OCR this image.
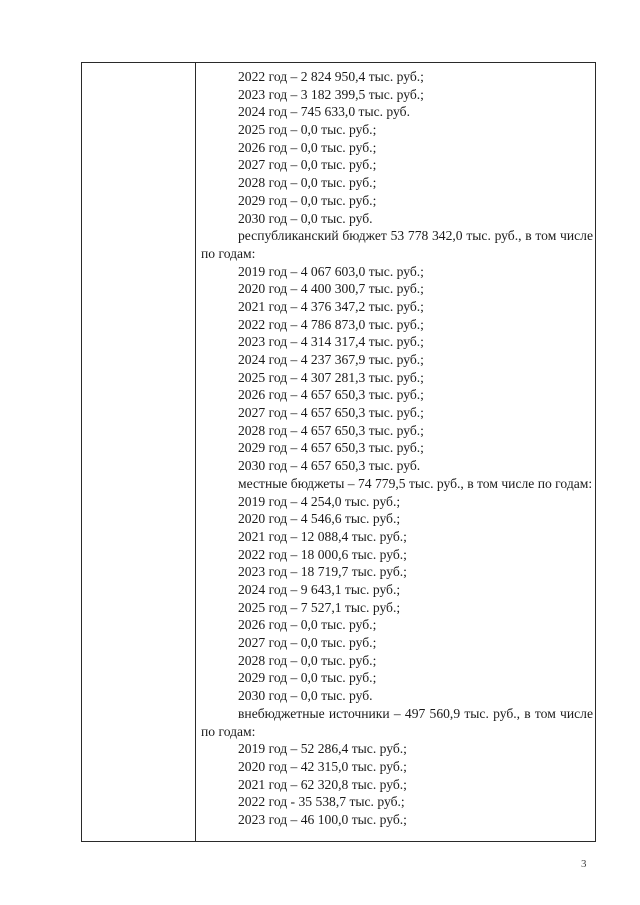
2022 год – 2 824 950,4 тыс. руб.;
2023 год – 3 182 399,5 тыс. руб.;
2024 год – 745 633,0 тыс. руб.
2025 год – 0,0 тыс. руб.;
2026 год – 0,0 тыс. руб.;
2027 год – 0,0 тыс. руб.;
2028 год – 0,0 тыс. руб.;
2029 год – 0,0 тыс. руб.;
2030 год – 0,0 тыс. руб.
республиканский бюджет 53 778 342,0 тыс. руб., в том числе по годам:
2019 год – 4 067 603,0 тыс. руб.;
2020 год – 4 400 300,7 тыс. руб.;
2021 год – 4 376 347,2 тыс. руб.;
2022 год – 4 786 873,0 тыс. руб.;
2023 год – 4 314 317,4 тыс. руб.;
2024 год – 4 237 367,9 тыс. руб.;
2025 год – 4 307 281,3 тыс. руб.;
2026 год – 4 657 650,3 тыс. руб.;
2027 год – 4 657 650,3 тыс. руб.;
2028 год – 4 657 650,3 тыс. руб.;
2029 год – 4 657 650,3 тыс. руб.;
2030 год – 4 657 650,3 тыс. руб.
местные бюджеты – 74 779,5 тыс. руб., в том числе по годам:
2019 год – 4 254,0 тыс. руб.;
2020 год – 4 546,6 тыс. руб.;
2021 год – 12 088,4 тыс. руб.;
2022 год – 18 000,6 тыс. руб.;
2023 год – 18 719,7 тыс. руб.;
2024 год – 9 643,1 тыс. руб.;
2025 год – 7 527,1 тыс. руб.;
2026 год – 0,0 тыс. руб.;
2027 год – 0,0 тыс. руб.;
2028 год – 0,0 тыс. руб.;
2029 год – 0,0 тыс. руб.;
2030 год – 0,0 тыс. руб.
внебюджетные источники – 497 560,9 тыс. руб., в том числе по годам:
2019 год – 52 286,4 тыс. руб.;
2020 год – 42 315,0 тыс. руб.;
2021 год – 62 320,8 тыс. руб.;
2022 год - 35 538,7 тыс. руб.;
2023 год – 46 100,0 тыс. руб.;
3
